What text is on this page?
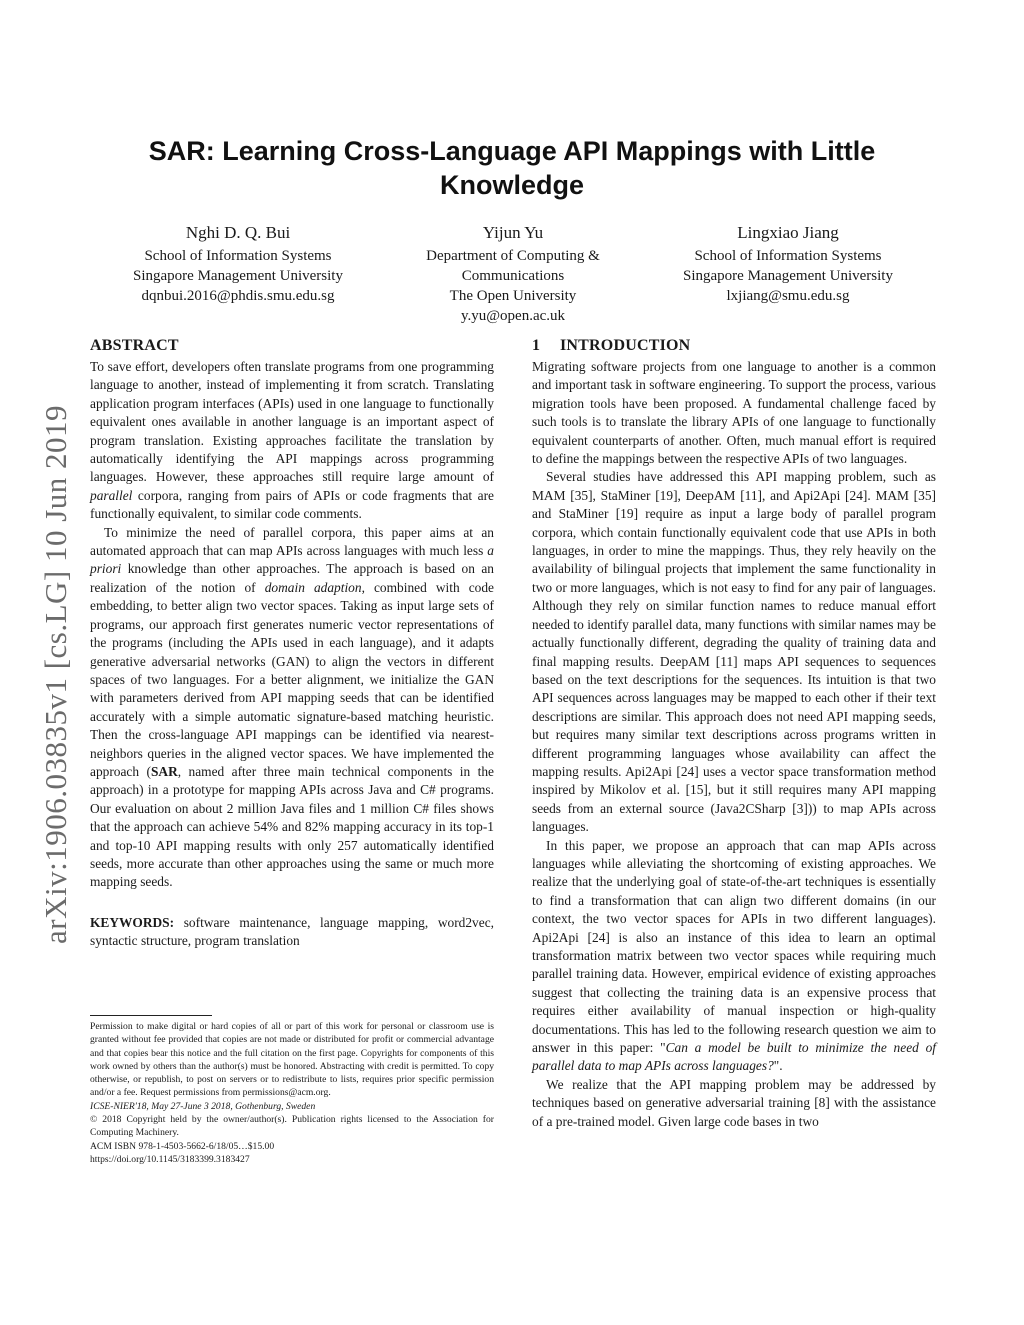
arXiv:1906.03835v1 [cs.LG] 10 Jun 2019
SAR: Learning Cross-Language API Mappings with Little Knowledge
Nghi D. Q. Bui
School of Information Systems
Singapore Management University
dqnbui.2016@phdis.smu.edu.sg
Yijun Yu
Department of Computing &
Communications
The Open University
y.yu@open.ac.uk
Lingxiao Jiang
School of Information Systems
Singapore Management University
lxjiang@smu.edu.sg
ABSTRACT

To save effort, developers often translate programs from one programming language to another, instead of implementing it from scratch. Translating application program interfaces (APIs) used in one language to functionally equivalent ones available in another language is an important aspect of program translation. Existing approaches facilitate the translation by automatically identifying the API mappings across programming languages. However, these approaches still require large amount of parallel corpora, ranging from pairs of APIs or code fragments that are functionally equivalent, to similar code comments.

To minimize the need of parallel corpora, this paper aims at an automated approach that can map APIs across languages with much less a priori knowledge than other approaches. The approach is based on an realization of the notion of domain adaption, combined with code embedding, to better align two vector spaces. Taking as input large sets of programs, our approach first generates numeric vector representations of the programs (including the APIs used in each language), and it adapts generative adversarial networks (GAN) to align the vectors in different spaces of two languages. For a better alignment, we initialize the GAN with parameters derived from API mapping seeds that can be identified accurately with a simple automatic signature-based matching heuristic. Then the cross-language API mappings can be identified via nearest-neighbors queries in the aligned vector spaces. We have implemented the approach (SAR, named after three main technical components in the approach) in a prototype for mapping APIs across Java and C# programs. Our evaluation on about 2 million Java files and 1 million C# files shows that the approach can achieve 54% and 82% mapping accuracy in its top-1 and top-10 API mapping results with only 257 automatically identified seeds, more accurate than other approaches using the same or much more mapping seeds.

KEYWORDS: software maintenance, language mapping, word2vec, syntactic structure, program translation

Permission to make digital or hard copies of all or part of this work for personal or classroom use is granted without fee provided that copies are not made or distributed for profit or commercial advantage and that copies bear this notice and the full citation on the first page. Copyrights for components of this work owned by others than the author(s) must be honored. Abstracting with credit is permitted. To copy otherwise, or republish, to post on servers or to redistribute to lists, requires prior specific permission and/or a fee. Request permissions from permissions@acm.org.
ICSE-NIER'18, May 27-June 3 2018, Gothenburg, Sweden
© 2018 Copyright held by the owner/author(s). Publication rights licensed to the Association for Computing Machinery.
ACM ISBN 978-1-4503-5662-6/18/05…$15.00
https://doi.org/10.1145/3183399.3183427
1 INTRODUCTION

Migrating software projects from one language to another is a common and important task in software engineering. To support the process, various migration tools have been proposed. A fundamental challenge faced by such tools is to translate the library APIs of one language to functionally equivalent counterparts of another. Often, much manual effort is required to define the mappings between the respective APIs of two languages.

Several studies have addressed this API mapping problem, such as MAM [35], StaMiner [19], DeepAM [11], and Api2Api [24]. MAM [35] and StaMiner [19] require as input a large body of parallel program corpora, which contain functionally equivalent code that use APIs in both languages, in order to mine the mappings. Thus, they rely heavily on the availability of bilingual projects that implement the same functionality in two or more languages, which is not easy to find for any pair of languages. Although they rely on similar function names to reduce manual effort needed to identify parallel data, many functions with similar names may be actually functionally different, degrading the quality of training data and final mapping results. DeepAM [11] maps API sequences to sequences based on the text descriptions for the sequences. Its intuition is that two API sequences across languages may be mapped to each other if their text descriptions are similar. This approach does not need API mapping seeds, but requires many similar text descriptions across programs written in different programming languages whose availability can affect the mapping results. Api2Api [24] uses a vector space transformation method inspired by Mikolov et al. [15], but it still requires many API mapping seeds from an external source (Java2CSharp [3])) to map APIs across languages.

In this paper, we propose an approach that can map APIs across languages while alleviating the shortcoming of existing approaches. We realize that the underlying goal of state-of-the-art techniques is essentially to find a transformation that can align two different domains (in our context, the two vector spaces for APIs in two different languages). Api2Api [24] is also an instance of this idea to learn an optimal transformation matrix between two vector spaces while requiring much parallel training data. However, empirical evidence of existing approaches suggest that collecting the training data is an expensive process that requires either availability of manual inspection or high-quality documentations. This has led to the following research question we aim to answer in this paper: "Can a model be built to minimize the need of parallel data to map APIs across languages?".

We realize that the API mapping problem may be addressed by techniques based on generative adversarial training [8] with the assistance of a pre-trained model. Given large code bases in two
